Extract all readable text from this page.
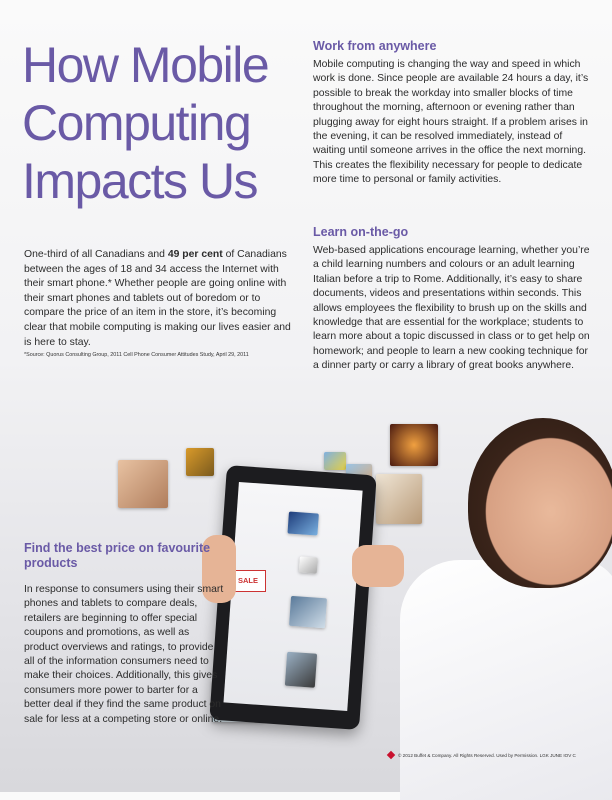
How Mobile
Computing
Impacts Us
One-third of all Canadians and 49 per cent of Canadians between the ages of 18 and 34 access the Internet with their smart phone.* Whether people are going online with their smart phones and tablets out of boredom or to compare the price of an item in the store, it’s becoming clear that mobile computing is making our lives easier and is here to stay.
*Source: Quorus Consulting Group, 2011 Cell Phone Consumer Attitudes Study, April 29, 2011
Work from anywhere
Mobile computing is changing the way and speed in which work is done. Since people are available 24 hours a day, it’s possible to break the workday into smaller blocks of time throughout the morning, afternoon or evening rather than plugging away for eight hours straight. If a problem arises in the evening, it can be resolved immediately, instead of waiting until someone arrives in the office the next morning. This creates the flexibility necessary for people to dedicate more time to personal or family activities.
Learn on-the-go
Web-based applications encourage learning, whether you’re a child learning numbers and colours or an adult learning Italian before a trip to Rome. Additionally, it’s easy to share documents, videos and presentations within seconds. This allows employees the flexibility to brush up on the skills and knowledge that are essential for the workplace; students to learn more about a topic discussed in class or to get help on homework; and people to learn a new cooking technique for a dinner party or carry a library of great books anywhere.
SALE
Find the best price on favourite products
In response to consumers using their smart phones and tablets to compare deals, retailers are beginning to offer special coupons and promotions, as well as product overviews and ratings, to provide all of the information consumers need to make their choices. Additionally, this gives consumers more power to barter for a better deal if they find the same product on sale for less at a competing store or online.
© 2012 Buffet & Company. All Rights Reserved. Used by Permission. LGK JUNE IOV C
